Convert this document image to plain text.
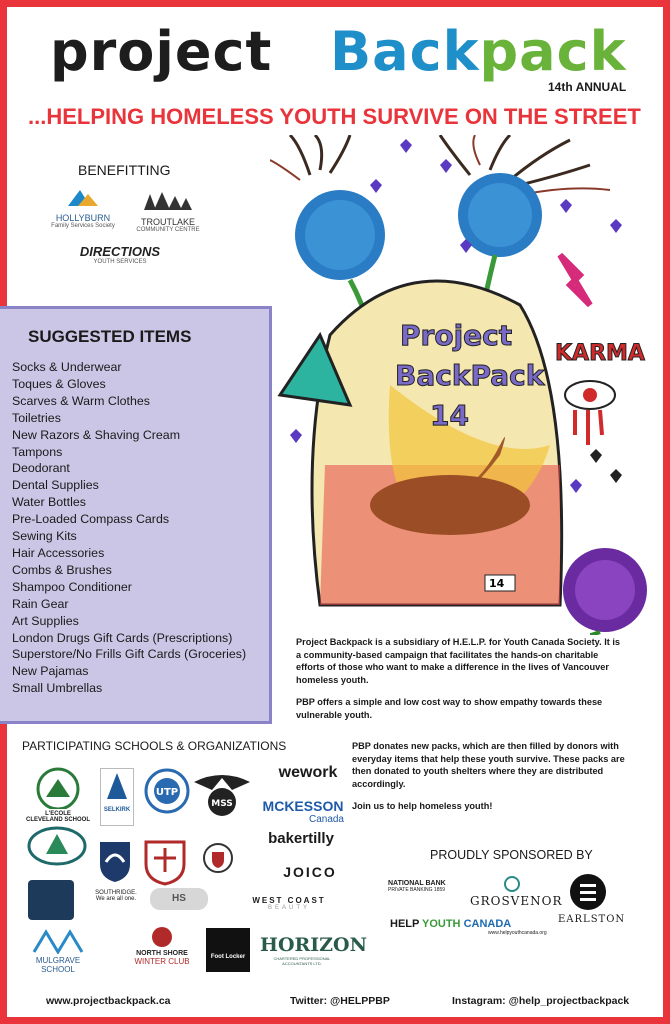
project Backpack
14th ANNUAL
...HELPING HOMELESS YOUTH SURVIVE ON THE STREET
BENEFITTING
HOLLYBURN
Family Services Society	TROUTLAKE
COMMUNITY CENTRE
DIRECTIONS
YOUTH SERVICES
SUGGESTED ITEMS
Socks & Underwear
Toques & Gloves
Scarves & Warm Clothes
Toiletries
New Razors & Shaving Cream
Tampons
Deodorant
Dental Supplies
Water Bottles
Pre-Loaded Compass Cards
Sewing Kits
Hair Accessories
Combs & Brushes
Shampoo Conditioner
Rain Gear
Art Supplies
London Drugs Gift Cards (Prescriptions)
Superstore/No Frills Gift Cards (Groceries)
New Pajamas
Small Umbrellas
Project
BackPack
14
KARMA
14

Project Backpack is a subsidiary of H.E.L.P. for Youth Canada Society. It is a community-based campaign that facilitates the hands-on charitable efforts of those who want to make a difference in the lives of Vancouver homeless youth.

PBP offers a simple and low cost way to show empathy towards these vulnerable youth.

PBP donates new packs, which are then filled by donors with everyday items that help these youth survive. These packs are then donated to youth shelters where they are distributed accordingly.

Join us to help homeless youth!

PARTICIPATING SCHOOLS & ORGANIZATIONS
L'ECOLE CLEVELAND SCHOOL
SELKIRK
UTP
MSS
wework
MCKESSON
Canada
bakertilly
JOICO
SOUTHRIDGE.
We are all one.	HS	WEST COAST
BEAUTY
MULGRAVE
SCHOOL
NORTH SHORE
WINTER CLUB	Foot Locker
HORIZON
CHARTERED PROFESSIONAL ACCOUNTANTS LTD.
PROUDLY SPONSORED BY
NATIONAL BANK
PRIVATE BANKING 1859
GROSVENOR
EARLSTON
HELP YOUTH CANADA
www.helpyouthcanada.org
www.projectbackpack.ca	Twitter: @HELPPBP	Instagram: @help_projectbackpack
